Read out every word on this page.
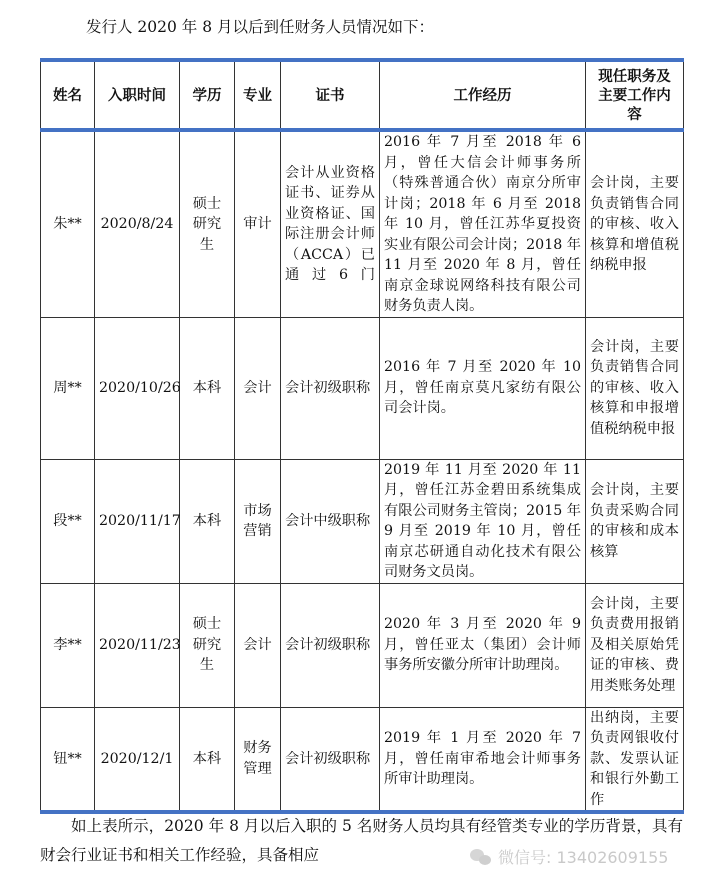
发行人 2020 年 8 月以后到任财务人员情况如下：
姓名	入职时间	学历	专业	证书	工作经历	现任职务及主要工作内容
朱**	2020/8/24	硕士研究生	审计	会计从业资格证书、证券从业资格证、国际注册会计师（ACCA）已通过6门	2016 年 7 月至 2018 年 6 月，曾任大信会计师事务所（特殊普通合伙）南京分所审计岗；2018 年 6 月至 2018 年 10 月，曾任江苏华夏投资实业有限公司会计岗；2018 年 11 月至 2020 年 8 月，曾任南京金球说网络科技有限公司财务负责人岗。	会计岗，主要负责销售合同的审核、收入核算和增值税纳税申报
周**	2020/10/26	本科	会计	会计初级职称	2016 年 7 月至 2020 年 10 月，曾任南京莫凡家纺有限公司会计岗。	会计岗，主要负责销售合同的审核、收入核算和申报增值税纳税申报
段**	2020/11/17	本科	市场营销	会计中级职称	2019 年 11 月至 2020 年 11 月，曾任江苏金碧田系统集成有限公司财务主管岗；2015 年 9 月至 2019 年 10 月，曾任南京芯研通自动化技术有限公司财务文员岗。	会计岗，主要负责采购合同的审核和成本核算
李**	2020/11/23	硕士研究生	会计	会计初级职称	2020 年 3 月至 2020 年 9 月，曾任亚太（集团）会计师事务所安徽分所审计助理岗。	会计岗，主要负责费用报销及相关原始凭证的审核、费用类账务处理
钮**	2020/12/1	本科	财务管理	会计初级职称	2019 年 1 月至 2020 年 7 月，曾任南审希地会计师事务所审计助理岗。	出纳岗，主要负责网银收付款、发票认证和银行外勤工作
如上表所示，2020 年 8 月以后入职的 5 名财务人员均具有经管类专业的学历背景，具有财会行业证书和相关工作经验，具备相应	微信号: 13402609155
